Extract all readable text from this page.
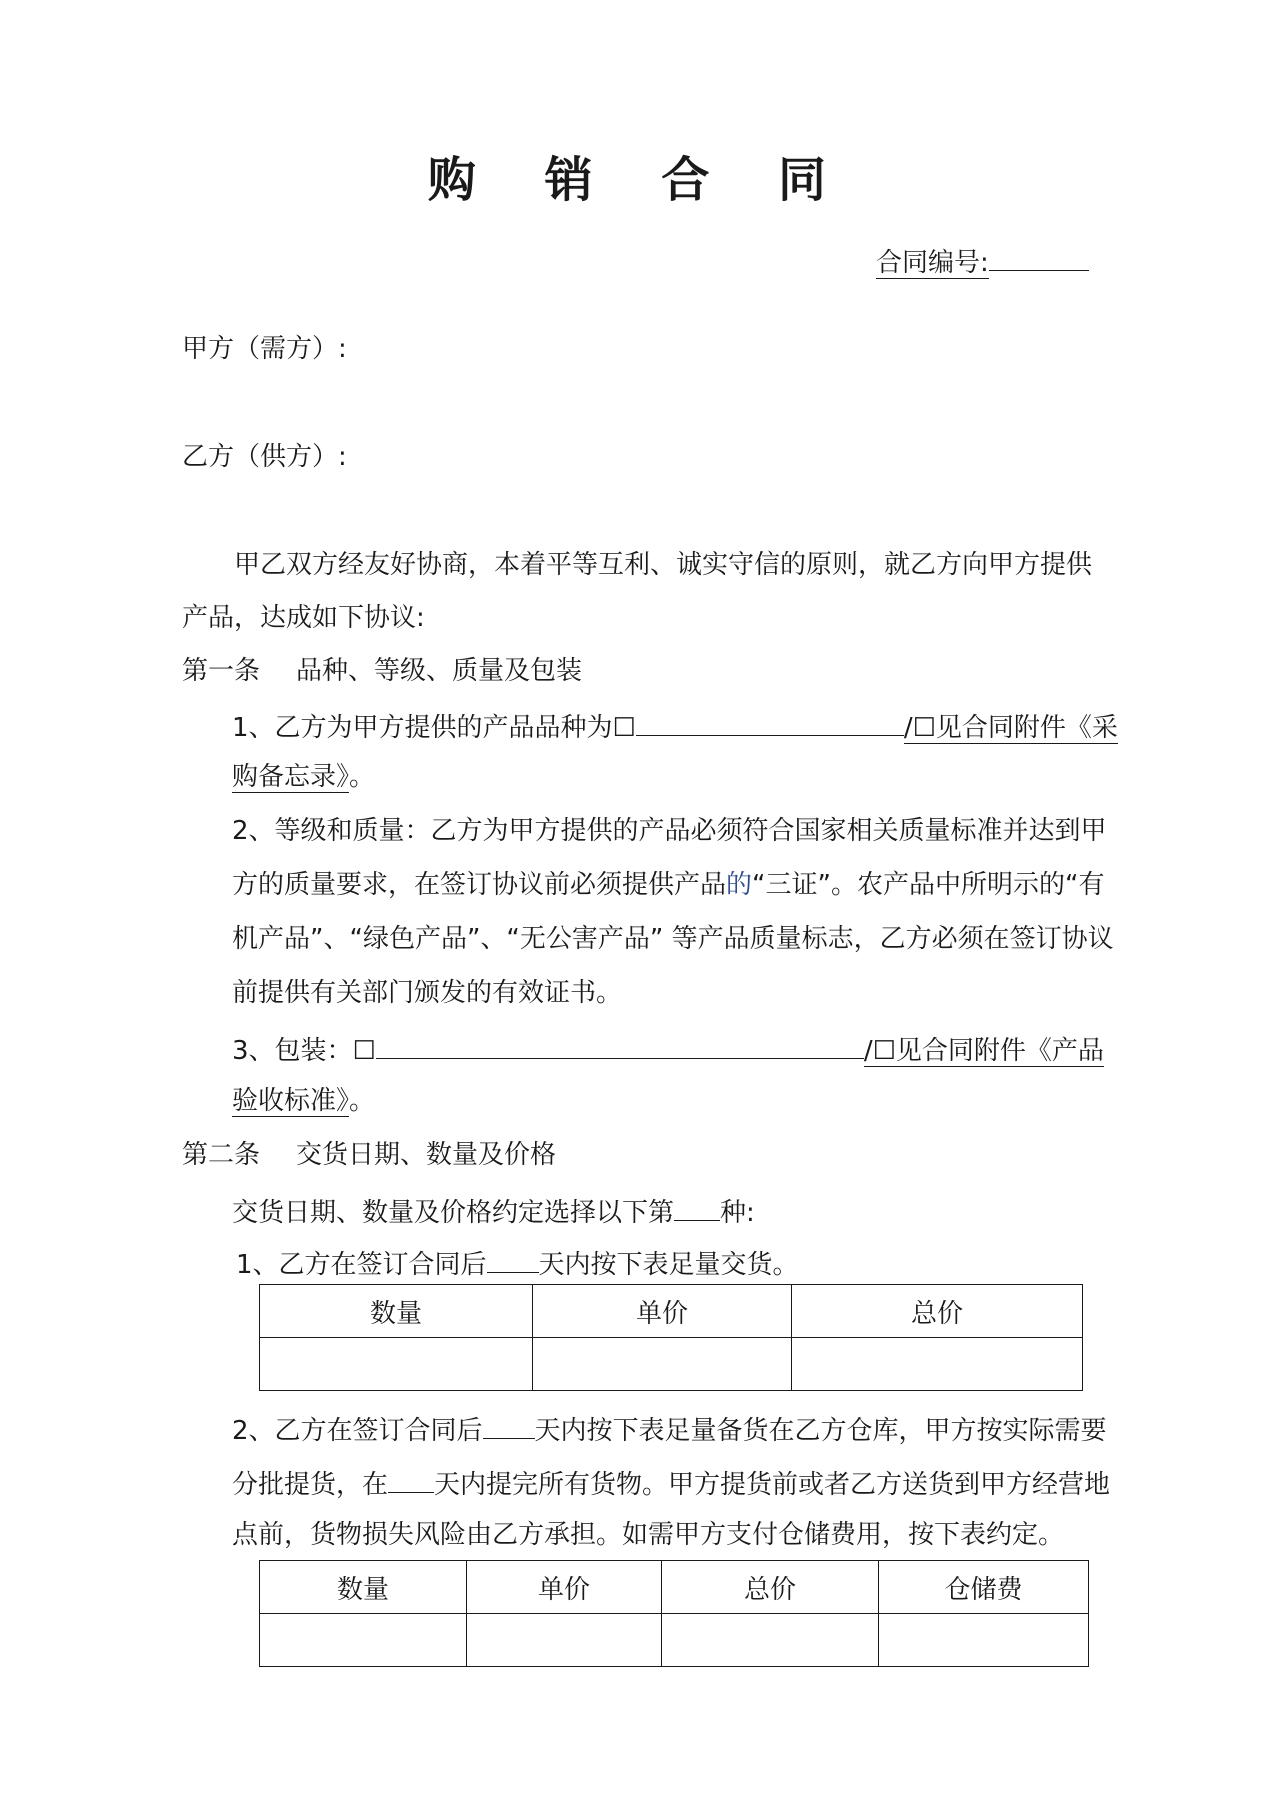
购 销 合 同
合同编号:
甲方（需方）:
乙方（供方）:
甲乙双方经友好协商，本着平等互利、诚实守信的原则，就乙方向甲方提供
产品，达成如下协议:
第一条 品种、等级、质量及包装
1、乙方为甲方提供的产品品种为☐	/☐见合同附件《采
购备忘录》。
2、等级和质量：乙方为甲方提供的产品必须符合国家相关质量标准并达到甲
方的质量要求，在签订协议前必须提供产品的“三证”。农产品中所明示的“有
机产品”、“绿色产品”、“无公害产品” 等产品质量标志，乙方必须在签订协议
前提供有关部门颁发的有效证书。
3、包装：☐	/☐见合同附件《产品
验收标准》。
第二条 交货日期、数量及价格
交货日期、数量及价格约定选择以下第 种:
1、乙方在签订合同后 天内按下表足量交货。
数量	单价	总价

2、乙方在签订合同后 天内按下表足量备货在乙方仓库，甲方按实际需要
分批提货，在 天内提完所有货物。甲方提货前或者乙方送货到甲方经营地
点前，货物损失风险由乙方承担。如需甲方支付仓储费用，按下表约定。
数量	单价	总价	仓储费
